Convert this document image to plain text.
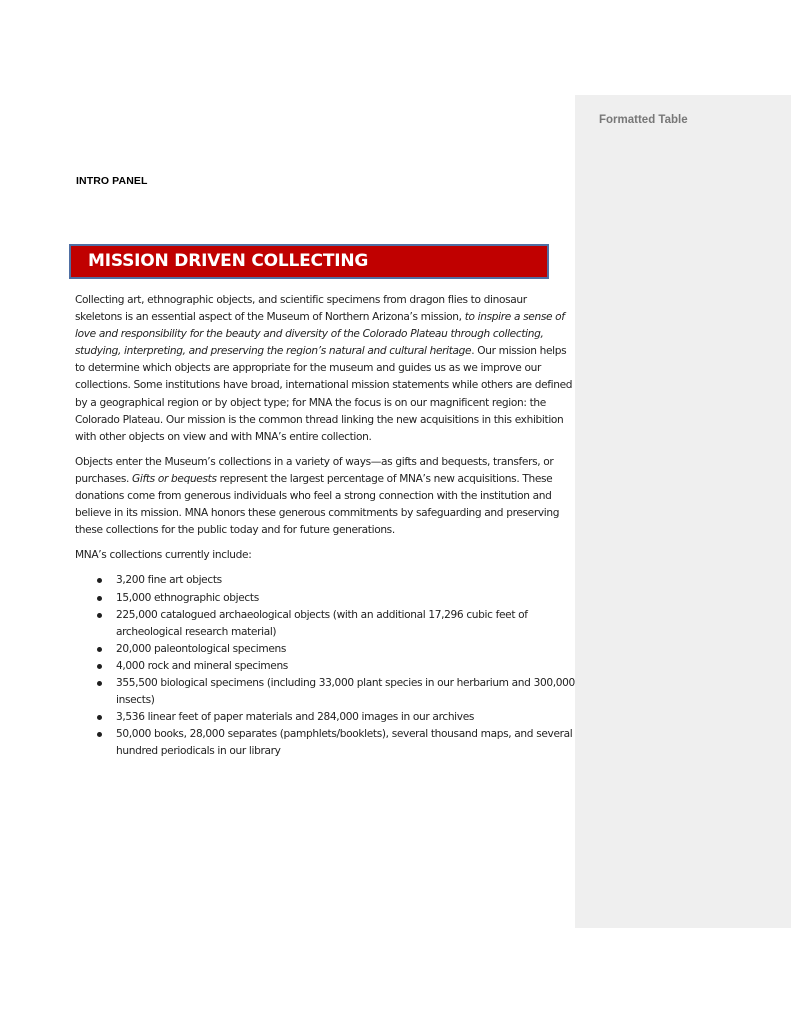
Formatted Table
INTRO PANEL
MISSION DRIVEN COLLECTING

Collecting art, ethnographic objects, and scientific specimens from dragon flies to dinosaur skeletons is an essential aspect of the Museum of Northern Arizona’s mission, to inspire a sense of love and responsibility for the beauty and diversity of the Colorado Plateau through collecting, studying, interpreting, and preserving the region’s natural and cultural heritage. Our mission helps to determine which objects are appropriate for the museum and guides us as we improve our collections. Some institutions have broad, international mission statements while others are defined by a geographical region or by object type; for MNA the focus is on our magnificent region: the Colorado Plateau. Our mission is the common thread linking the new acquisitions in this exhibition with other objects on view and with MNA’s entire collection.

Objects enter the Museum’s collections in a variety of ways—as gifts and bequests, transfers, or purchases. Gifts or bequests represent the largest percentage of MNA’s new acquisitions. These donations come from generous individuals who feel a strong connection with the institution and believe in its mission. MNA honors these generous commitments by safeguarding and preserving these collections for the public today and for future generations.

MNA’s collections currently include:

3,200 fine art objects
15,000 ethnographic objects
225,000 catalogued archaeological objects (with an additional 17,296 cubic feet of archeological research material)
20,000 paleontological specimens
4,000 rock and mineral specimens
355,500 biological specimens (including 33,000 plant species in our herbarium and 300,000 insects)
3,536 linear feet of paper materials and 284,000 images in our archives
50,000 books, 28,000 separates (pamphlets/booklets), several thousand maps, and several hundred periodicals in our library
